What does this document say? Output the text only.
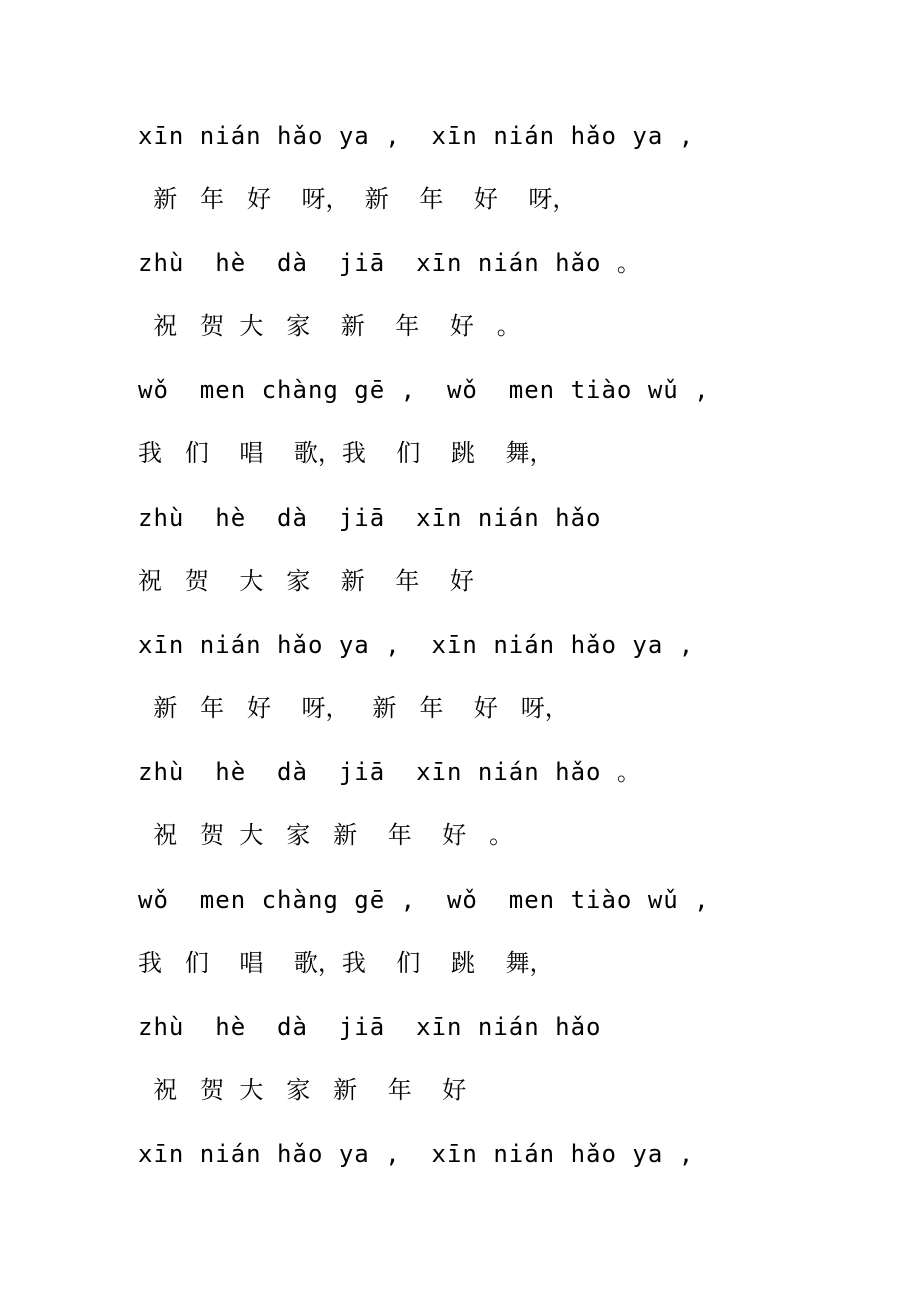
xīn nián hǎo ya ,  xīn nián hǎo ya ,
新   年   好    呀，  新    年    好    呀，
zhù  hè  dà  jiā  xīn nián hǎo 。
祝   贺  大   家    新    年    好   。
wǒ  men chàng gē ,  wǒ  men tiào wǔ ,
我   们    唱    歌，我    们    跳    舞，
zhù  hè  dà  jiā  xīn nián hǎo
祝   贺    大   家    新    年    好
xīn nián hǎo ya ,  xīn nián hǎo ya ,
新   年   好    呀，   新   年    好   呀，
zhù  hè  dà  jiā  xīn nián hǎo 。
祝   贺  大   家   新    年    好   。
wǒ  men chàng gē ,  wǒ  men tiào wǔ ,
我   们    唱    歌，我    们    跳    舞，
zhù  hè  dà  jiā  xīn nián hǎo
祝   贺  大   家   新    年    好
xīn nián hǎo ya ,  xīn nián hǎo ya ,
